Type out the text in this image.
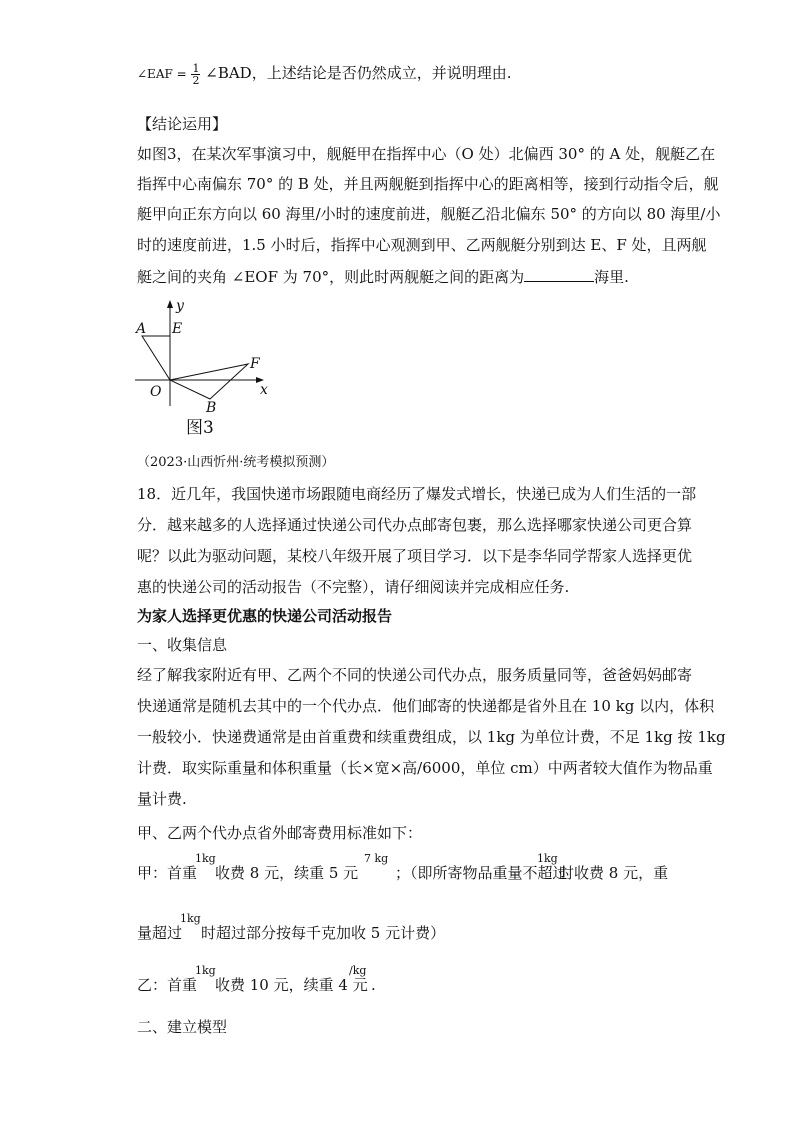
∠EAF = $\frac{1}{2}$ ∠BAD，上述结论是否仍然成立，并说明理由.
【结论运用】
如图3，在某次军事演习中，舰艇甲在指挥中心（O 处）北偏西 30° 的 A 处，舰艇乙在
指挥中心南偏东 70° 的 B 处，并且两舰艇到指挥中心的距离相等，接到行动指令后，舰
艇甲向正东方向以 60 海里/小时的速度前进，舰艇乙沿北偏东 50° 的方向以 80 海里/小
时的速度前进，1.5 小时后，指挥中心观测到甲、乙两舰艇分别到达 E、F 处，且两舰
艇之间的夹角 ∠EOF 为 70°，则此时两舰艇之间的距离为	海里.
y
x
A E
F
O
B
图3
（2023·山西忻州·统考模拟预测）
18．近几年，我国快递市场跟随电商经历了爆发式增长，快递已成为人们生活的一部
分．越来越多的人选择通过快递公司代办点邮寄包裹，那么选择哪家快递公司更合算
呢？以此为驱动问题，某校八年级开展了项目学习．以下是李华同学帮家人选择更优
惠的快递公司的活动报告（不完整），请仔细阅读并完成相应任务.
为家人选择更优惠的快递公司活动报告
一、收集信息
经了解我家附近有甲、乙两个不同的快递公司代办点，服务质量同等，爸爸妈妈邮寄
快递通常是随机去其中的一个代办点．他们邮寄的快递都是省外且在 10 kg 以内，体积
一般较小．快递费通常是由首重费和续重费组成，以 1kg 为单位计费，不足 1kg 按 1kg
计费．取实际重量和体积重量（长×宽×高/6000，单位 cm）中两者较大值作为物品重
量计费.
甲、乙两个代办点省外邮寄费用标准如下：
甲：首重
1kg
收费 8 元，续重 5 元
7 kg
；（即所寄物品重量不超过
1kg
时收费 8 元，重
量超过
1kg
时超过部分按每千克加收 5 元计费）
乙：首重
1kg
收费 10 元，续重 4 元
/kg
.
二、建立模型
